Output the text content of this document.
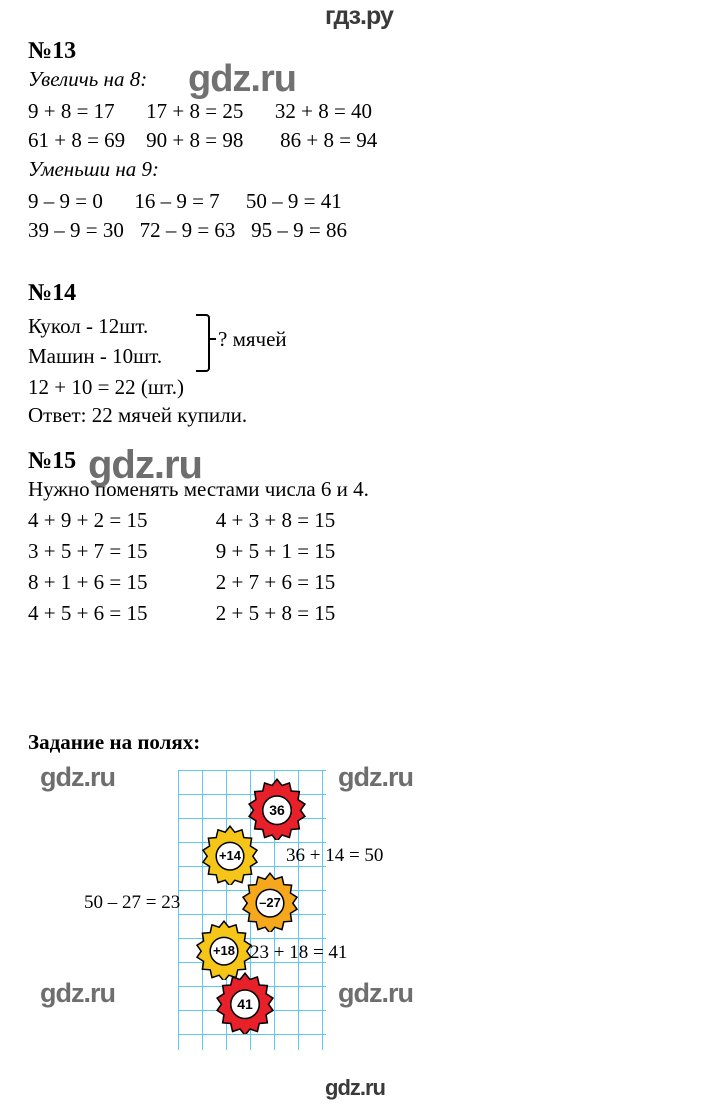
гдз.ру
gdz.ru
gdz.ru
gdz.ru	gdz.ru
gdz.ru	gdz.ru
gdz.ru
№13
Увеличь на 8:
9 + 8 = 17      17 + 8 = 25      32 + 8 = 40
61 + 8 = 69    90 + 8 = 98       86 + 8 = 94
Уменьши на 9:
9 – 9 = 0      16 – 9 = 7     50 – 9 = 41
39 – 9 = 30   72 – 9 = 63   95 – 9 = 86
№14
Кукол - 12шт.
Машин - 10шт.
? мячей
12 + 10 = 22 (шт.)
Ответ: 22 мячей купили.
№15
Нужно поменять местами числа 6 и 4.
4 + 9 + 2 = 15             4 + 3 + 8 = 15
3 + 5 + 7 = 15             9 + 5 + 1 = 15
8 + 1 + 6 = 15             2 + 7 + 6 = 15
4 + 5 + 6 = 15             2 + 5 + 8 = 15
Задание на полях:
36
+14
–27
+18
41
36 + 14 = 50
50 – 27 = 23
23 + 18 = 41
